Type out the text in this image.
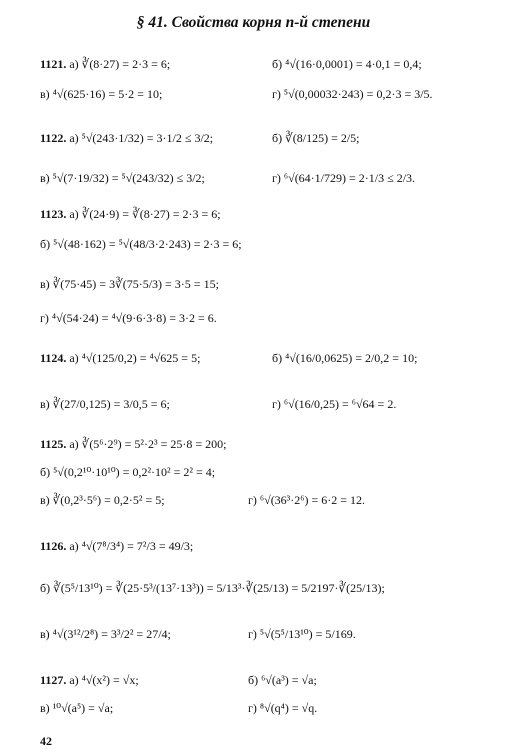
§ 41. Свойства корня n-й степени
1121. а) ∛(8·27) = 2·3 = 6;	б) ⁴√(16·0,0001) = 4·0,1 = 0,4;
в) ⁴√(625·16) = 5·2 = 10;	г) ⁵√(0,00032·243) = 0,2·3 = 3/5.
1122. а) ⁵√(243·1/32) = 3·1/2 ≤ 3/2;	б) ∛(8/125) = 2/5;
в) ⁵√(7·19/32) = ⁵√(243/32) ≤ 3/2;	г) ⁶√(64·1/729) = 2·1/3 ≤ 2/3.
1123. а) ∛(24·9) = ∛(8·27) = 2·3 = 6;
б) ⁵√(48·162) = ⁵√(48/3·2·243) = 2·3 = 6;
в) ∛(75·45) = 3∛(75·5/3) = 3·5 = 15;
г) ⁴√(54·24) = ⁴√(9·6·3·8) = 3·2 = 6.
1124. а) ⁴√(125/0,2) = ⁴√625 = 5;	б) ⁴√(16/0,0625) = 2/0,2 = 10;
в) ∛(27/0,125) = 3/0,5 = 6;	г) ⁶√(16/0,25) = ⁶√64 = 2.
1125. а) ∛(5⁶·2⁹) = 5²·2³ = 25·8 = 200;
б) ⁵√(0,2¹⁰·10¹⁰) = 0,2²·10² = 2² = 4;
в) ∛(0,2³·5⁶) = 0,2·5² = 5;	г) ⁶√(36³·2⁶) = 6·2 = 12.
1126. а) ⁴√(7⁸/3⁴) = 7²/3 = 49/3;
б) ∛(5⁵/13¹⁰) = ∛(25·5³/(13⁷·13³)) = 5/13³·∛(25/13) = 5/2197·∛(25/13);
в) ⁴√(3¹²/2⁸) = 3³/2² = 27/4;	г) ⁵√(5⁵/13¹⁰) = 5/169.
1127. а) ⁴√(x²) = √x;	б) ⁶√(a³) = √a;
в) ¹⁰√(a⁵) = √a;	г) ⁸√(q⁴) = √q.
42
